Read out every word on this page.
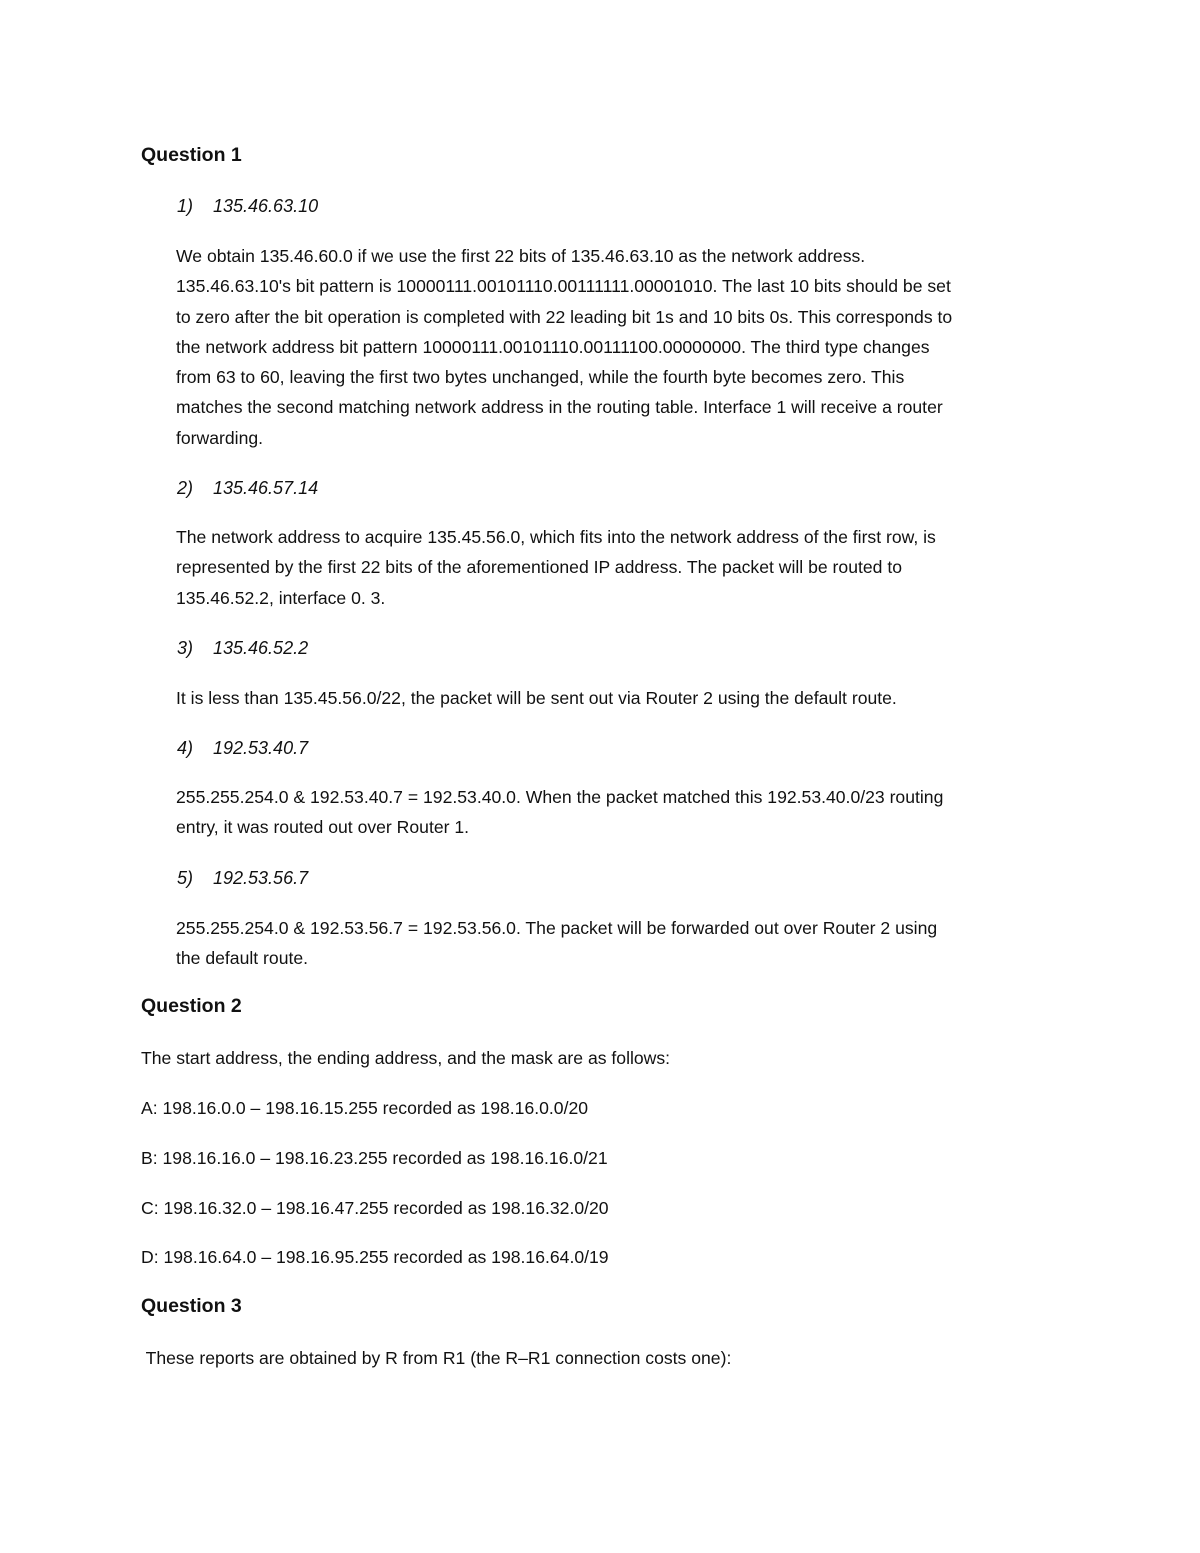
Question 1
1) 135.46.63.10
We obtain 135.46.60.0 if we use the first 22 bits of 135.46.63.10 as the network address.
135.46.63.10's bit pattern is 10000111.00101110.00111111.00001010. The last 10 bits should be set
to zero after the bit operation is completed with 22 leading bit 1s and 10 bits 0s. This corresponds to
the network address bit pattern 10000111.00101110.00111100.00000000. The third type changes
from 63 to 60, leaving the first two bytes unchanged, while the fourth byte becomes zero. This
matches the second matching network address in the routing table. Interface 1 will receive a router
forwarding.
2) 135.46.57.14
The network address to acquire 135.45.56.0, which fits into the network address of the first row, is
represented by the first 22 bits of the aforementioned IP address. The packet will be routed to
135.46.52.2, interface 0. 3.
3) 135.46.52.2
It is less than 135.45.56.0/22, the packet will be sent out via Router 2 using the default route.
4) 192.53.40.7
255.255.254.0 & 192.53.40.7 = 192.53.40.0. When the packet matched this 192.53.40.0/23 routing
entry, it was routed out over Router 1.
5) 192.53.56.7
255.255.254.0 & 192.53.56.7 = 192.53.56.0. The packet will be forwarded out over Router 2 using
the default route.
Question 2

The start address, the ending address, and the mask are as follows:

A: 198.16.0.0 – 198.16.15.255 recorded as 198.16.0.0/20

B: 198.16.16.0 – 198.16.23.255 recorded as 198.16.16.0/21

C: 198.16.32.0 – 198.16.47.255 recorded as 198.16.32.0/20

D: 198.16.64.0 – 198.16.95.255 recorded as 198.16.64.0/19

Question 3

These reports are obtained by R from R1 (the R–R1 connection costs one):
